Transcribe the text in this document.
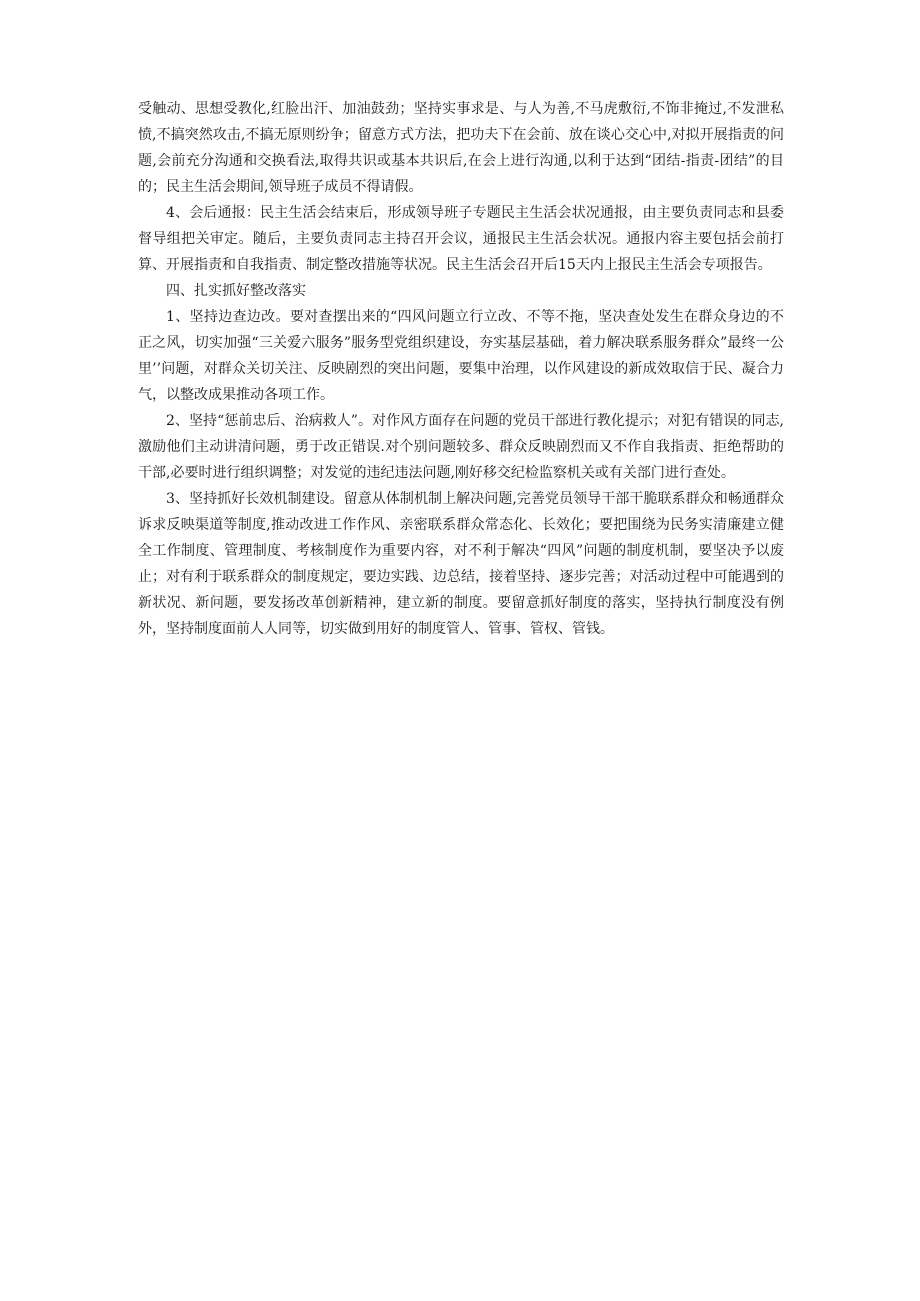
受触动、思想受教化,红脸出汗、加油鼓劲；坚持实事求是、与人为善,不马虎敷衍,不饰非掩过,不发泄私愤,不搞突然攻击,不搞无原则纷争；留意方式方法，把功夫下在会前、放在谈心交心中,对拟开展指责的问题,会前充分沟通和交换看法,取得共识或基本共识后,在会上进行沟通,以利于达到“团结-指责-团结”的目的；民主生活会期间,领导班子成员不得请假。

4、会后通报：民主生活会结束后，形成领导班子专题民主生活会状况通报，由主要负责同志和县委督导组把关审定。随后，主要负责同志主持召开会议，通报民主生活会状况。通报内容主要包括会前打算、开展指责和自我指责、制定整改措施等状况。民主生活会召开后15天内上报民主生活会专项报告。

四、扎实抓好整改落实

1、坚持边查边改。要对查摆出来的“四风问题立行立改、不等不拖，坚决查处发生在群众身边的不正之风，切实加强“三关爱六服务”服务型党组织建设，夯实基层基础，着力解决联系服务群众”最终一公里’’问题，对群众关切关注、反映剧烈的突出问题，要集中治理，以作风建设的新成效取信于民、凝合力气，以整改成果推动各项工作。

2、坚持“惩前忠后、治病救人”。对作风方面存在问题的党员干部进行教化提示；对犯有错误的同志,激励他们主动讲清问题，勇于改正错误.对个别问题较多、群众反映剧烈而又不作自我指责、拒绝帮助的干部,必要时进行组织调整；对发觉的违纪违法问题,刚好移交纪检监察机关或有关部门进行查处。

3、坚持抓好长效机制建设。留意从体制机制上解决问题,完善党员领导干部干脆联系群众和畅通群众诉求反映渠道等制度,推动改进工作作风、亲密联系群众常态化、长效化；要把围绕为民务实清廉建立健全工作制度、管理制度、考核制度作为重要内容，对不利于解决“四风”问题的制度机制，要坚决予以废止；对有利于联系群众的制度规定，要边实践、边总结，接着坚持、逐步完善；对活动过程中可能遇到的新状况、新问题，要发扬改革创新精神，建立新的制度。要留意抓好制度的落实，坚持执行制度没有例外，坚持制度面前人人同等，切实做到用好的制度管人、管事、管权、管钱。
